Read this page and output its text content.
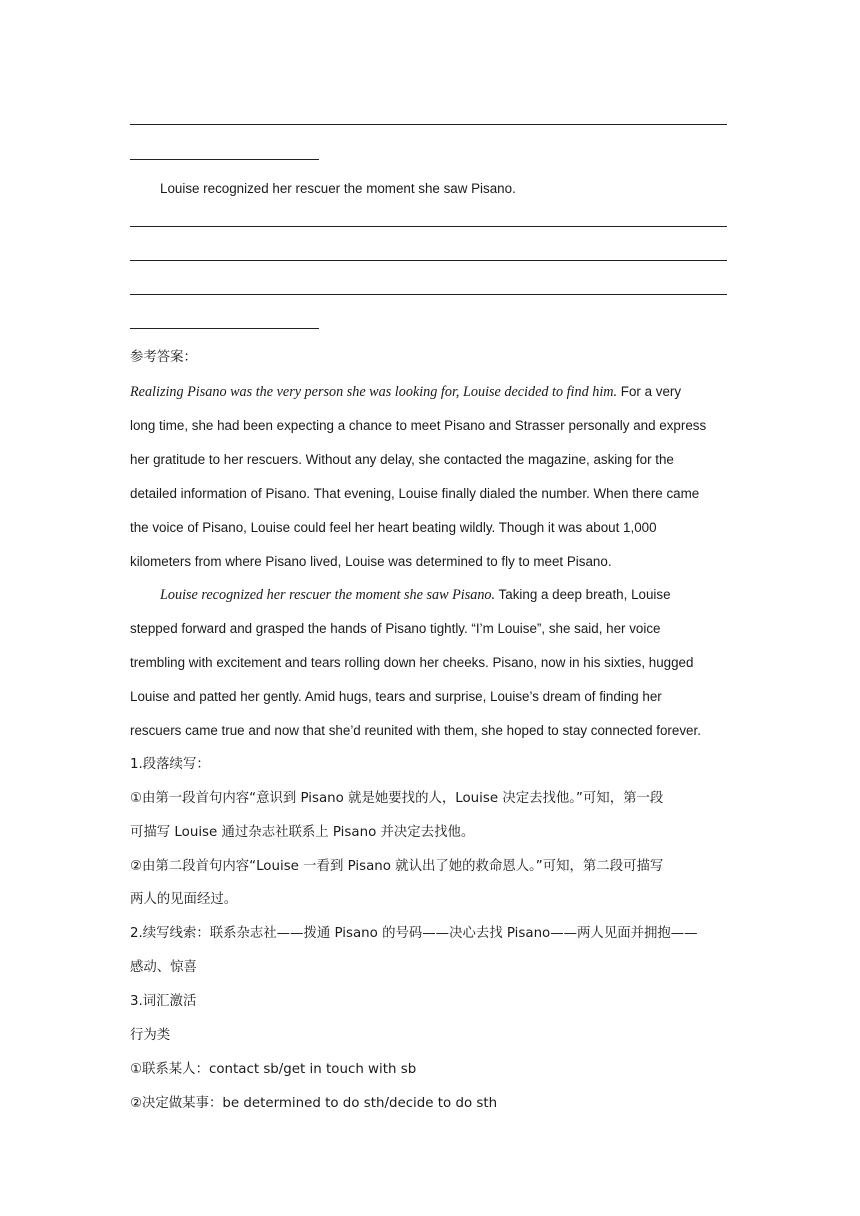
Louise recognized her rescuer the moment she saw Pisano.
参考答案：
Realizing Pisano was the very person she was looking for, Louise decided to find him. For a very
long time, she had been expecting a chance to meet Pisano and Strasser personally and express
her gratitude to her rescuers. Without any delay, she contacted the magazine, asking for the
detailed information of Pisano. That evening, Louise finally dialed the number. When there came
the voice of Pisano, Louise could feel her heart beating wildly. Though it was about 1,000
kilometers from where Pisano lived, Louise was determined to fly to meet Pisano.
Louise recognized her rescuer the moment she saw Pisano. Taking a deep breath, Louise
stepped forward and grasped the hands of Pisano tightly. “I’m Louise”, she said, her voice
trembling with excitement and tears rolling down her cheeks. Pisano, now in his sixties, hugged
Louise and patted her gently. Amid hugs, tears and surprise, Louise’s dream of finding her
rescuers came true and now that she’d reunited with them, she hoped to stay connected forever.
1.段落续写：
①由第一段首句内容“意识到 Pisano 就是她要找的人，Louise 决定去找他。”可知，第一段
可描写 Louise 通过杂志社联系上 Pisano 并决定去找他。
②由第二段首句内容“Louise 一看到 Pisano 就认出了她的救命恩人。”可知，第二段可描写
两人的见面经过。
2.续写线索：联系杂志社——拨通 Pisano 的号码——决心去找 Pisano——两人见面并拥抱——
感动、惊喜
3.词汇激活
行为类
①联系某人：contact sb/get in touch with sb
②决定做某事：be determined to do sth/decide to do sth
